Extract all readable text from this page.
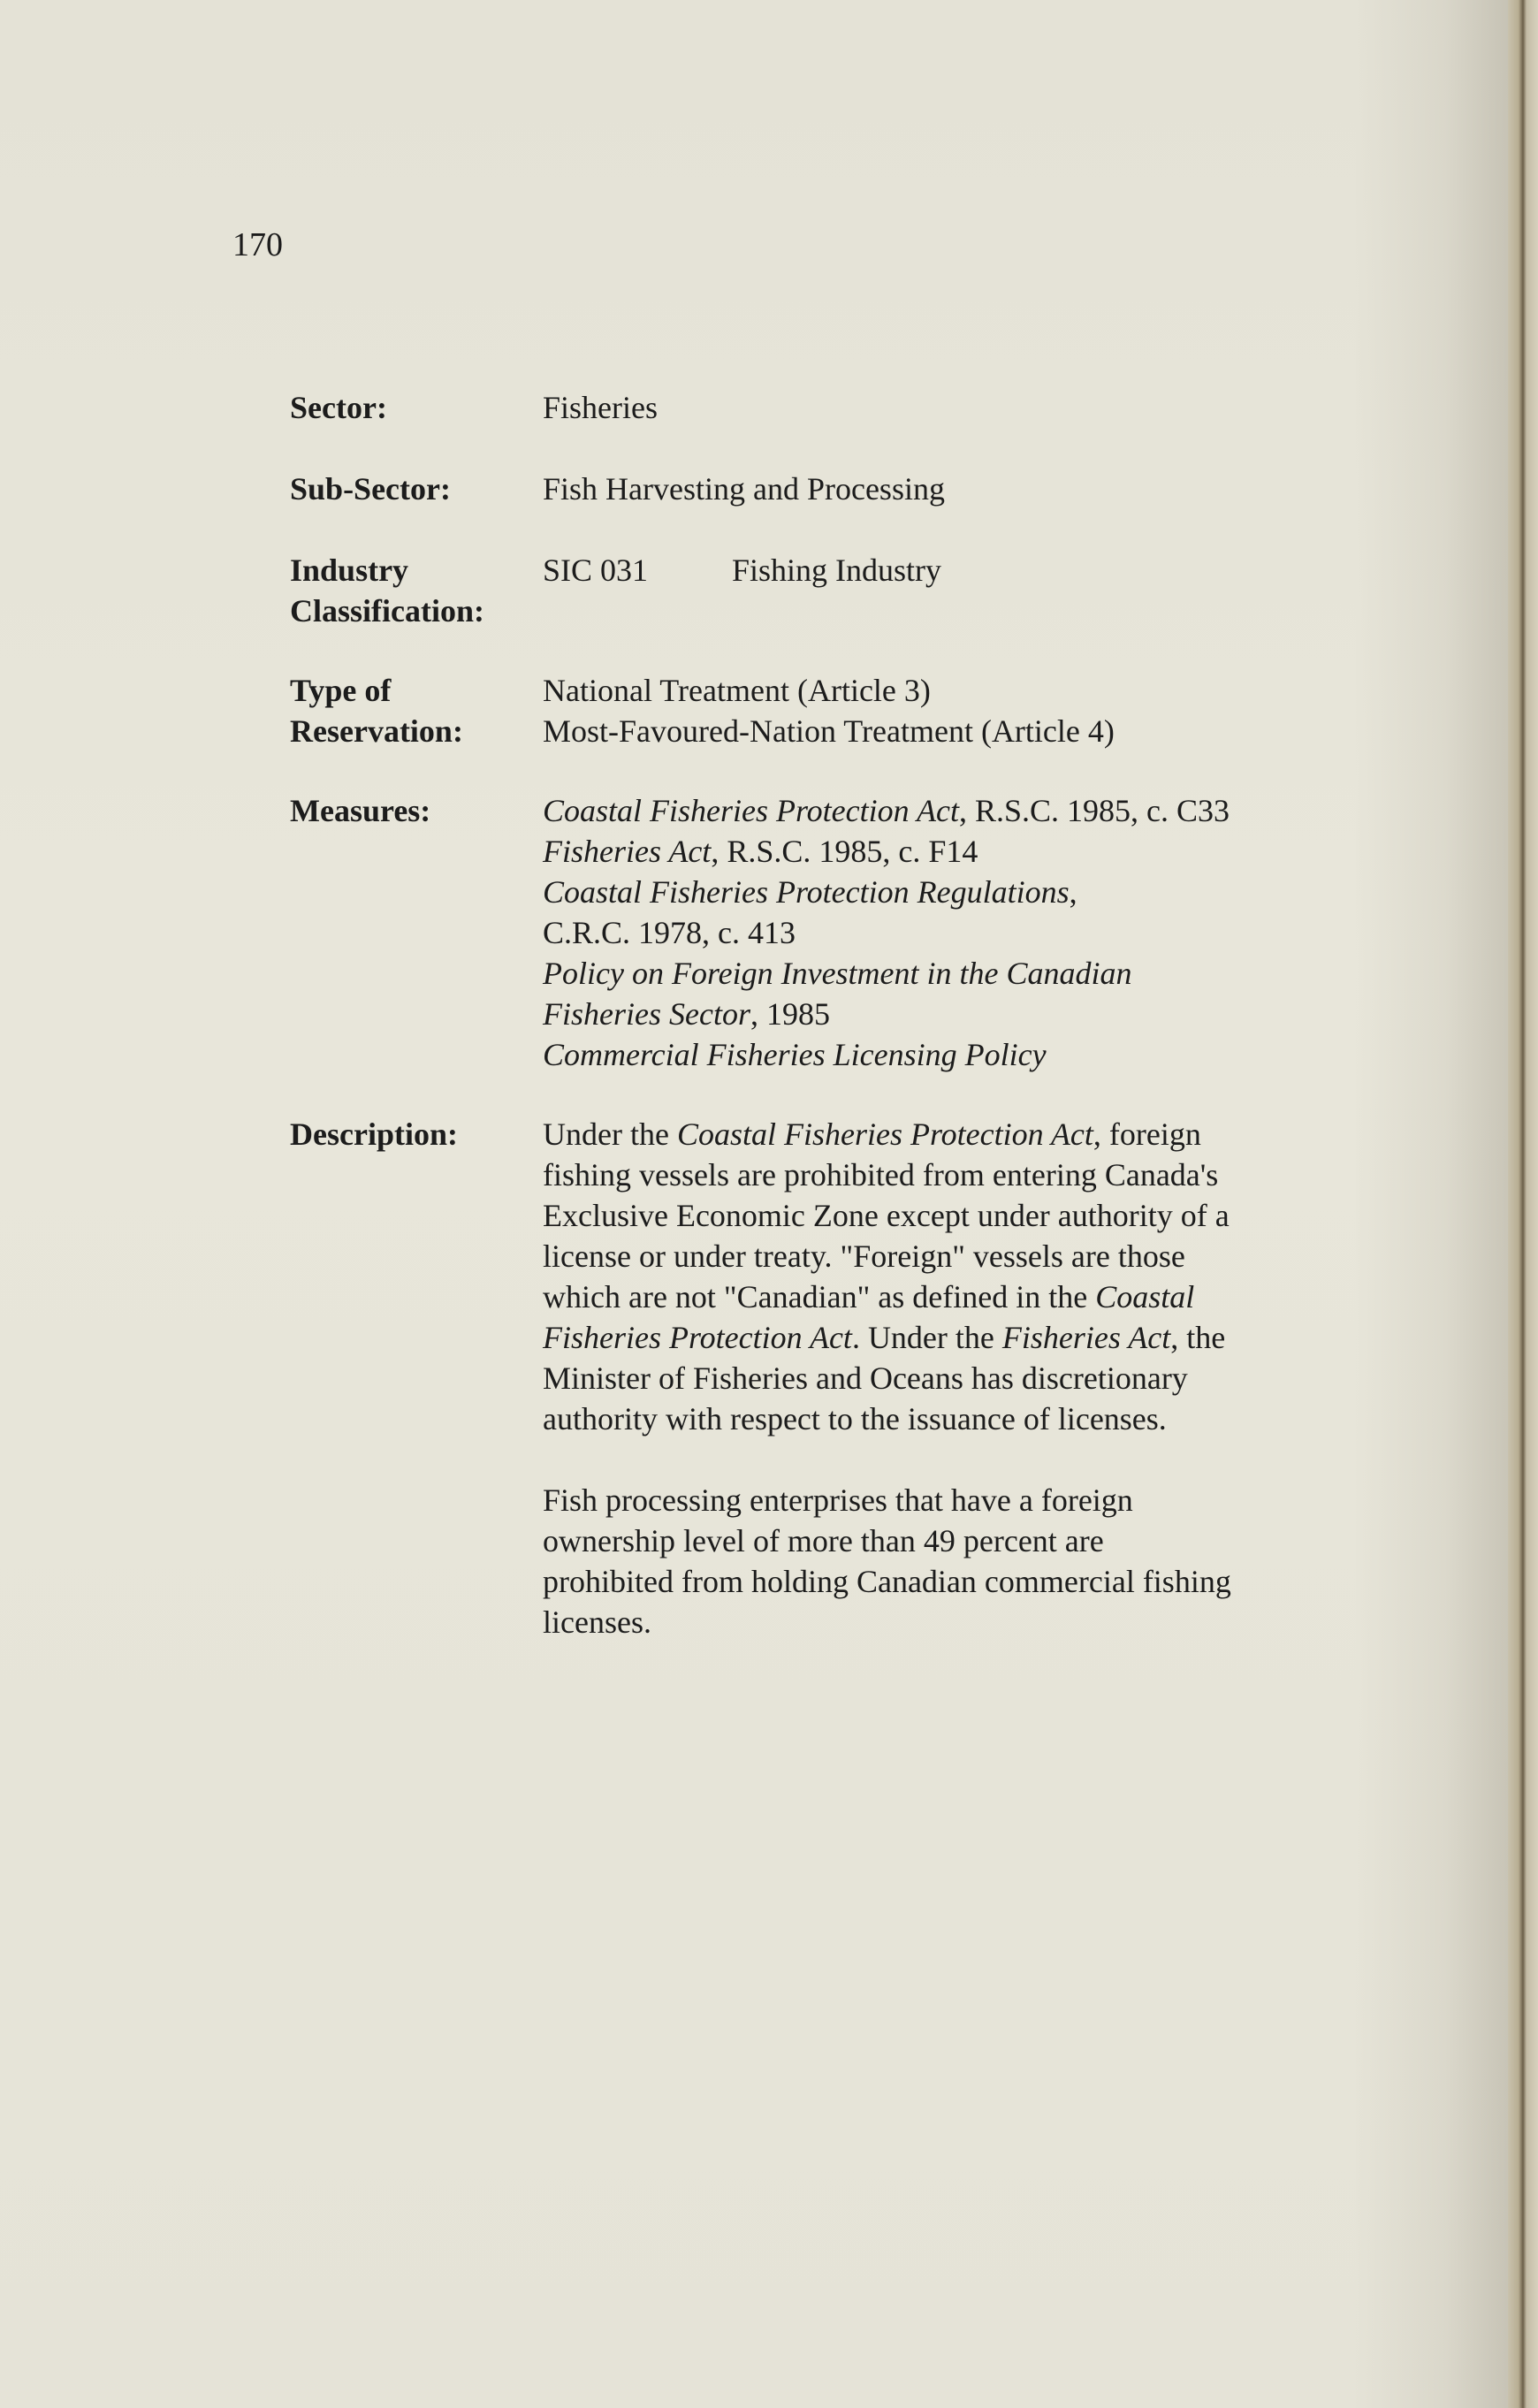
170
Sector:	Fisheries
Sub-Sector:	Fish Harvesting and Processing
Industry
Classification:
SIC 031	Fishing Industry
Type of
Reservation:
National Treatment (Article 3)
Most-Favoured-Nation Treatment (Article 4)
Measures:	Coastal Fisheries Protection Act, R.S.C. 1985, c. C33
Fisheries Act, R.S.C. 1985, c. F14
Coastal Fisheries Protection Regulations,
C.R.C. 1978, c. 413
Policy on Foreign Investment in the Canadian
Fisheries Sector, 1985
Commercial Fisheries Licensing Policy
Description:	Under the Coastal Fisheries Protection Act, foreign
fishing vessels are prohibited from entering Canada's
Exclusive Economic Zone except under authority of a
license or under treaty. "Foreign" vessels are those
which are not "Canadian" as defined in the Coastal
Fisheries Protection Act. Under the Fisheries Act, the
Minister of Fisheries and Oceans has discretionary
authority with respect to the issuance of licenses.
Fish processing enterprises that have a foreign
ownership level of more than 49 percent are
prohibited from holding Canadian commercial fishing
licenses.
